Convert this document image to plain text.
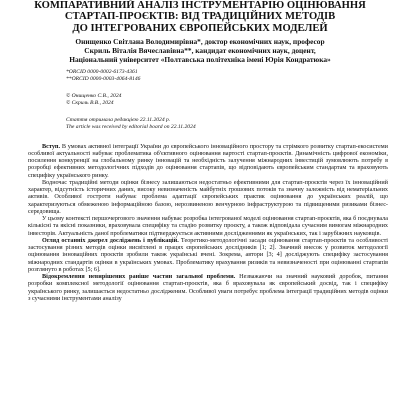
КОМПАРАТИВНИЙ АНАЛІЗ ІНСТРУМЕНТАРІЮ ОЦІНЮВАННЯ
СТАРТАП-ПРОЄКТІВ: ВІД ТРАДИЦІЙНИХ МЕТОДІВ
ДО ІНТЕГРОВАНИХ ЄВРОПЕЙСЬКИХ МОДЕЛЕЙ
Онищенко Світлана Володимирівна*, доктор економічних наук, професор
Скриль Віталія Вячеславівна**, кандидат економічних наук, доцент,
Національний університет «Полтавська політехніка імені Юрія Кондратюка»
*ORCID 0000-0002-6173-4361
**ORCID 0000-0003-4064-8146
© Онищенко С.В., 2024
© Скриль В.В., 2024
Стаття отримала редакцією 22.11.2024 р.
The article was received by editorial board on 22.11.2024

Вступ. В умовах активної інтеграції України до європейського інноваційного простору та стрімкого розвитку стартап-екосистеми особливої актуальності набуває проблематика об'єктивного оцінювання вартості стартап-проєктів. Динамічність цифрової економіки, посилення конкуренції на глобальному ринку інновацій та необхідність залучення міжнародних інвестицій зумовлюють потребу в розробці ефективних методологічних підходів до оцінювання стартапів, що відповідають європейським стандартам та враховують специфіку українського ринку.

Водночас традиційні методи оцінки бізнесу залишаються недостатньо ефективними для стартап-проєктів через їх інноваційний характер, відсутність історичних даних, високу невизначеність майбутніх грошових потоків та значну залежність від нематеріальних активів. Особливої гостроти набуває проблема адаптації європейських практик оцінювання до українських реалій, що характеризуються обмеженою інформаційною базою, нерозвиненою венчурною інфраструктурою та підвищеними ризиками бізнес-середовища.

У цьому контексті першочергового значення набуває розробка інтегрованої моделі оцінювання стартап-проєктів, яка б поєднувала кількісні та якісні показники, враховувала специфіку та стадію розвитку проєкту, а також відповідала сучасним вимогам міжнародних інвесторів. Актуальність даної проблематики підтверджується активними дослідженнями як українських, так і зарубіжних науковців.

Огляд останніх джерел досліджень і публікацій. Теоретико-методологічні засади оцінювання стартап-проєктів та особливості застосування різних методів оцінки висвітлені в працях європейських дослідників [1; 2]. Значний внесок у розвиток методології оцінювання інноваційних проєктів зробили також українські вчені. Зокрема, автори [3; 4] досліджують специфіку застосування міжнародних стандартів оцінки в українських умовах. Проблематику врахування ризиків та невизначеності при оцінюванні стартапів розглянуто в роботах [5; 6].

Відокремлення невирішених раніше частин загальної проблеми. Незважаючи на значний науковий доробок, питання розробки комплексної методології оцінювання стартап-проєктів, яка б враховувала як європейський досвід, так і специфіку українського ринку, залишається недостатньо дослідженим. Особливої уваги потребує проблема інтеграції традиційних методів оцінки з сучасними інструментами аналізу
